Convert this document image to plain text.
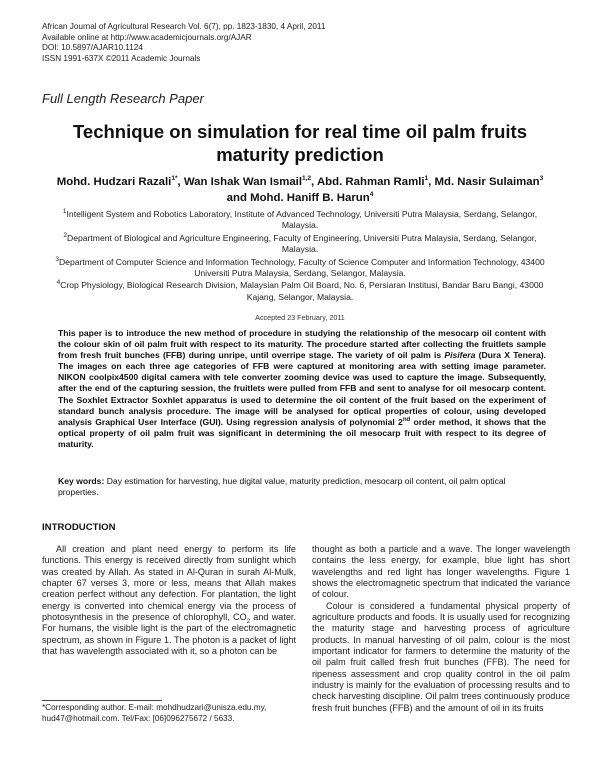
African Journal of Agricultural Research Vol. 6(7), pp. 1823-1830, 4 April, 2011
Available online at http://www.academicjournals.org/AJAR
DOI: 10.5897/AJAR10.1124
ISSN 1991-637X ©2011 Academic Journals
Full Length Research Paper
Technique on simulation for real time oil palm fruits maturity prediction
Mohd. Hudzari Razali$^{1*}$, Wan Ishak Wan Ismail$^{1,2}$, Abd. Rahman Ramli$^1$, Md. Nasir Sulaiman$^3$ and Mohd. Haniff B. Harun$^4$
$^1$Intelligent System and Robotics Laboratory, Institute of Advanced Technology, Universiti Putra Malaysia, Serdang, Selangor, Malaysia.
$^2$Department of Biological and Agriculture Engineering, Faculty of Engineering, Universiti Putra Malaysia, Serdang, Selangor, Malaysia.
$^3$Department of Computer Science and Information Technology, Faculty of Science Computer and Information Technology, 43400 Universiti Putra Malaysia, Serdang, Selangor, Malaysia.
$^4$Crop Physiology, Biological Research Division, Malaysian Palm Oil Board, No. 6, Persiaran Institusi, Bandar Baru Bangi, 43000 Kajang, Selangor, Malaysia.
Accepted 23 February, 2011
This paper is to introduce the new method of procedure in studying the relationship of the mesocarp oil content with the colour skin of oil palm fruit with respect to its maturity. The procedure started after collecting the fruitlets sample from fresh fruit bunches (FFB) during unripe, until overripe stage. The variety of oil palm is Pisifera (Dura X Tenera). The images on each three age categories of FFB were captured at monitoring area with setting image parameter. NIKON coolpix4500 digital camera with tele converter zooming device was used to capture the image. Subsequently, after the end of the capturing session, the fruitlets were pulled from FFB and sent to analyse for oil mesocarp content. The Soxhlet Extractor Soxhlet apparatus is used to determine the oil content of the fruit based on the experiment of standard bunch analysis procedure. The image will be analysed for optical properties of colour, using developed analysis Graphical User Interface (GUI). Using regression analysis of polynomial 2nd order method, it shows that the optical property of oil palm fruit was significant in determining the oil mesocarp fruit with respect to its degree of maturity.
Key words: Day estimation for harvesting, hue digital value, maturity prediction, mesocarp oil content, oil palm optical properties.
INTRODUCTION

All creation and plant need energy to perform its life functions. This energy is received directly from sunlight which was created by Allah. As stated in Al-Quran in surah Al-Mulk, chapter 67 verses 3, more or less, means that Allah makes creation perfect without any defection. For plantation, the light energy is converted into chemical energy via the process of photosynthesis in the presence of chlorophyll, $CO_2$ and water. For humans, the visible light is the part of the electromagnetic spectrum, as shown in Figure 1. The photon is a packet of light that has wavelength associated with it, so a photon can be

thought as both a particle and a wave. The longer wavelength contains the less energy, for example, blue light has short wavelengths and red light has longer wavelengths. Figure 1 shows the electromagnetic spectrum that indicated the variance of colour.

Colour is considered a fundamental physical property of agriculture products and foods. It is usually used for recognizing the maturity stage and harvesting process of agriculture products. In manual harvesting of oil palm, colour is the most important indicator for farmers to determine the maturity of the oil palm fruit called fresh fruit bunches (FFB). The need for ripeness assessment and crop quality control in the oil palm industry is mainly for the evaluation of processing results and to check harvesting discipline. Oil palm trees continuously produce fresh fruit bunches (FFB) and the amount of oil in its fruits

*Corresponding author. E-mail: mohdhudzari@unisza.edu.my, hud47@hotmail.com. Tel/Fax: [06]096275672 / 5633.
